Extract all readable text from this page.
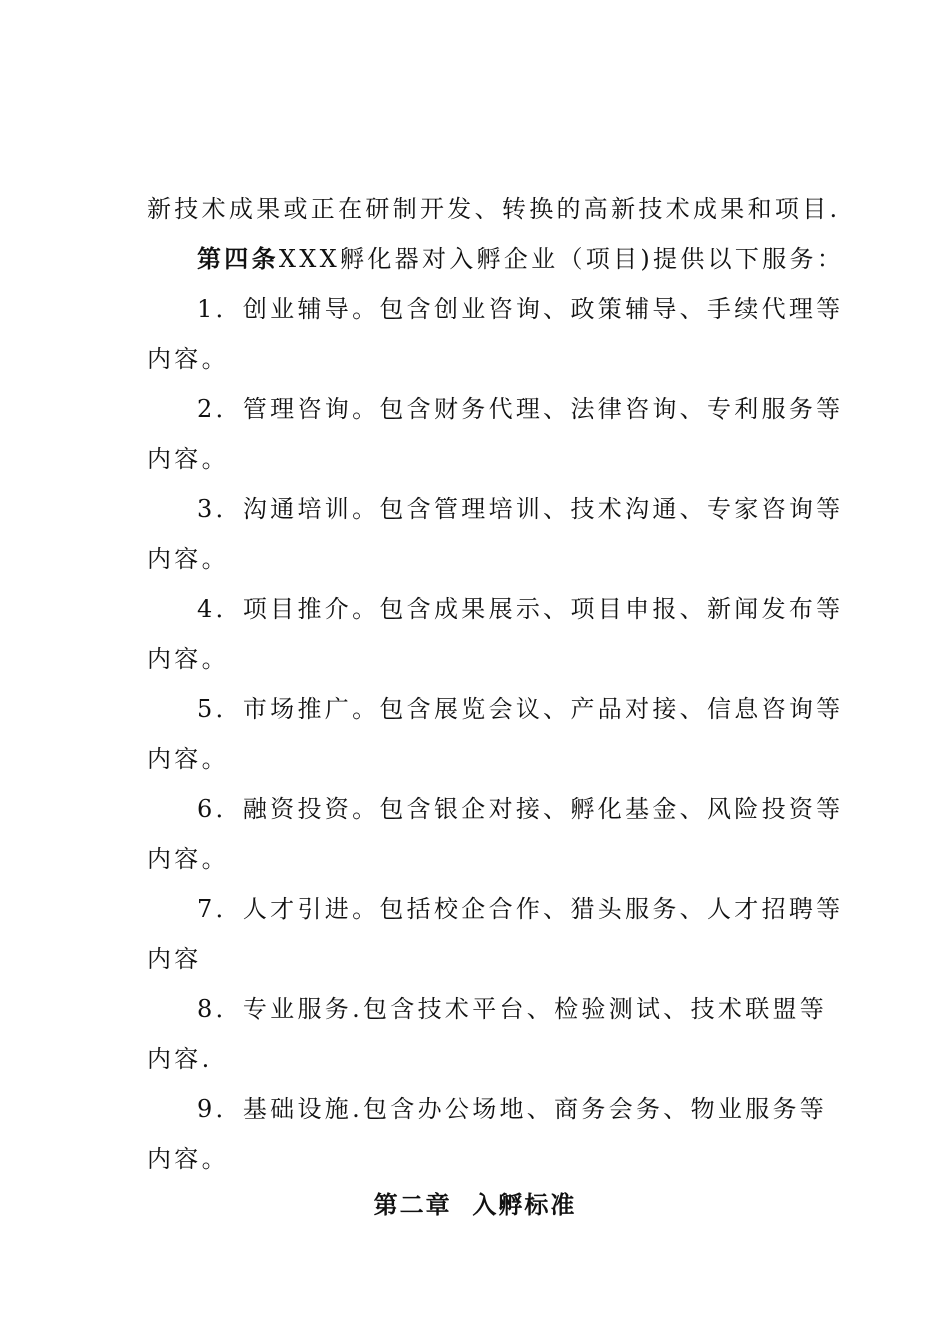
新技术成果或正在研制开发、转换的高新技术成果和项目.
第四条XXX孵化器对入孵企业（项目)提供以下服务：
1．创业辅导。包含创业咨询、政策辅导、手续代理等
内容。
2．管理咨询。包含财务代理、法律咨询、专利服务等
内容。
3．沟通培训。包含管理培训、技术沟通、专家咨询等
内容。
4．项目推介。包含成果展示、项目申报、新闻发布等
内容。
5．市场推广。包含展览会议、产品对接、信息咨询等
内容。
6．融资投资。包含银企对接、孵化基金、风险投资等
内容。
7．人才引进。包括校企合作、猎头服务、人才招聘等
内容
8．专业服务.包含技术平台、检验测试、技术联盟等
内容.
9．基础设施.包含办公场地、商务会务、物业服务等
内容。
第二章  入孵标准
